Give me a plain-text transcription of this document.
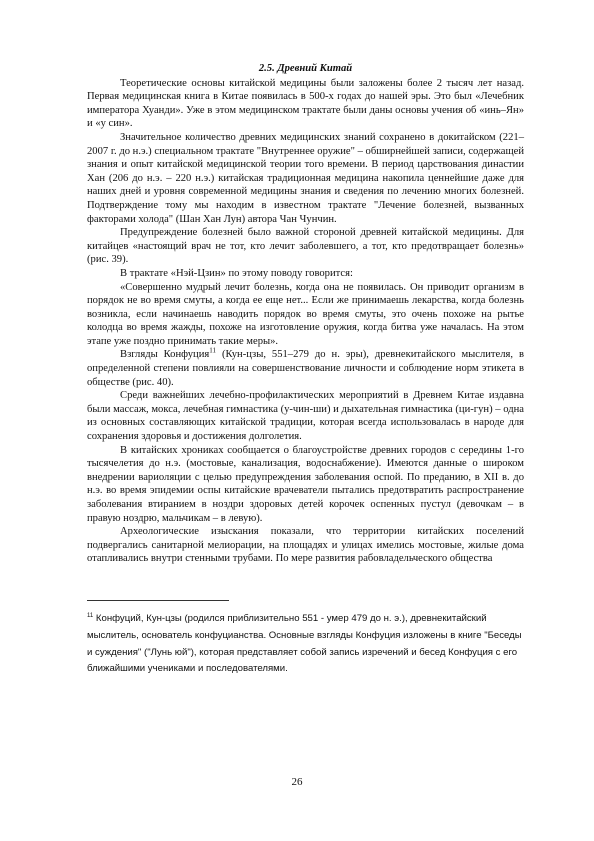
2.5. Древний Китай

Теоретические основы китайской медицины были заложены более 2 тысяч лет назад. Первая медицинская книга в Китае появилась в 500-х годах до нашей эры. Это был «Лечебник императора Хуанди». Уже в этом медицинском трактате были даны основы учения об «инь–Ян» и «у син».

Значительное количество древних медицинских знаний сохранено в докитайском (221–2007 г. до н.э.) специальном трактате "Внутреннее оружие" – обширнейшей записи, содержащей знания и опыт китайской медицинской теории того времени. В период царствования династии Хан (206 до н.э. – 220 н.э.) китайская традиционная медицина накопила ценнейшие даже для наших дней и уровня современной медицины знания и сведения по лечению многих болезней. Подтверждение тому мы находим в известном трактате "Лечение болезней, вызванных факторами холода" (Шан Хан Лун) автора Чан Чунчин.

Предупреждение болезней было важной стороной древней китайской медицины. Для китайцев «настоящий врач не тот, кто лечит заболевшего, а тот, кто предотвращает болезнь» (рис. 39).

В трактате «Нэй-Цзин» по этому поводу говорится:

«Совершенно мудрый лечит болезнь, когда она не появилась. Он приводит организм в порядок не во время смуты, а когда ее еще нет... Если же принимаешь лекарства, когда болезнь возникла, если начинаешь наводить порядок во время смуты, это очень похоже на рытье колодца во время жажды, похоже на изготовление оружия, когда битва уже началась. На этом этапе уже поздно принимать такие меры».

Взгляды Конфуция$^{11}$ (Кун-цзы, 551–279 до н. эры), древнекитайского мыслителя, в определенной степени повлияли на совершенствование личности и соблюдение норм этикета в обществе (рис. 40).

Среди важнейших лечебно-профилактических мероприятий в Древнем Китае издавна были массаж, мокса, лечебная гимнастика (у-чин-ши) и дыхательная гимнастика (ци-гун) – одна из основных составляющих китайской традиции, которая всегда использовалась в народе для сохранения здоровья и достижения долголетия.

В китайских хрониках сообщается о благоустройстве древних городов с середины 1-го тысячелетия до н.э. (мостовые, канализация, водоснабжение). Имеются данные о широком внедрении вариоляции с целью предупреждения заболевания оспой. По преданию, в XII в. до н.э. во время эпидемии оспы китайские врачеватели пытались предотвратить распространение заболевания втиранием в ноздри здоровых детей корочек оспенных пустул (девочкам – в правую ноздрю, мальчикам – в левую).

Археологические изыскания показали, что территории китайских поселений подвергались санитарной мелиорации, на площадях и улицах имелись мостовые, жилые дома отапливались внутри стенными трубами. По мере развития рабовладельческого общества

$^{11}$ Конфуций, Кун-цзы (родился приблизительно 551 - умер 479 до н. э.), древнекитайский мыслитель, основатель конфуцианства. Основные взгляды Конфуция изложены в книге "Беседы и суждения" ("Лунь юй"), которая представляет собой запись изречений и бесед Конфуция с его ближайшими учениками и последователями.
26
